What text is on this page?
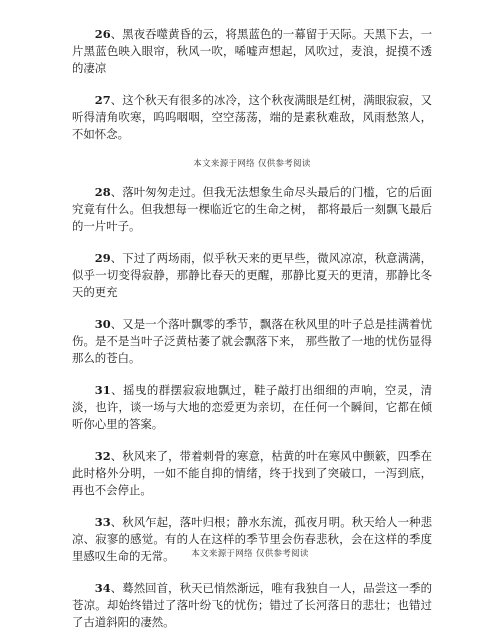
26、黑夜吞噬黄昏的云，将黑蓝色的一幕留于天际。天黑下去，一片黑蓝色映入眼帘，秋风一吹，唏嘘声想起，风吹过，麦浪，捉摸不透的凄凉

27、这个秋天有很多的冰冷，这个秋夜满眼是红树，满眼寂寂，又听得清角吹寒，呜呜咽咽，空空荡荡，端的是素秋难敌，风雨愁煞人，不如怀念。

本文来源于网络 仅供参考阅读

28、落叶匆匆走过。但我无法想象生命尽头最后的门槛，它的后面究竟有什么。但我想每一棵临近它的生命之树， 都将最后一刻飘飞最后的一片叶子。

29、下过了两场雨，似乎秋天来的更早些，微风凉凉，秋意满满，似乎一切变得寂静，那静比春天的更醒，那静比夏天的更清，那静比冬天的更充

30、又是一个落叶飘零的季节，飘落在秋风里的叶子总是挂满着忧伤。是不是当叶子泛黄枯萎了就会飘落下来， 那些散了一地的忧伤显得那么的苍白。

31、摇曳的群摆寂寂地飘过，鞋子敲打出细细的声响，空灵，清淡，也许，谈一场与大地的恋爱更为亲切，在任何一个瞬间，它都在倾听你心里的答案。

32、秋风来了，带着刺骨的寒意，枯黄的叶在寒风中颤簌，四季在此时格外分明，一如不能自抑的情绪，终于找到了突破口，一泻到底，再也不会停止。

33、秋风乍起，落叶归根；静水东流，孤夜月明。秋天给人一种悲凉、寂寥的感觉。有的人在这样的季节里会伤春悲秋，会在这样的季度里感叹生命的无常。

34、蓦然回首，秋天已悄然渐远，唯有我独自一人，品尝这一季的苍凉。却始终错过了落叶纷飞的忧伤；错过了长河落日的悲壮；也错过了古道斜阳的凄然。

本文来源于网络 仅供参考阅读
